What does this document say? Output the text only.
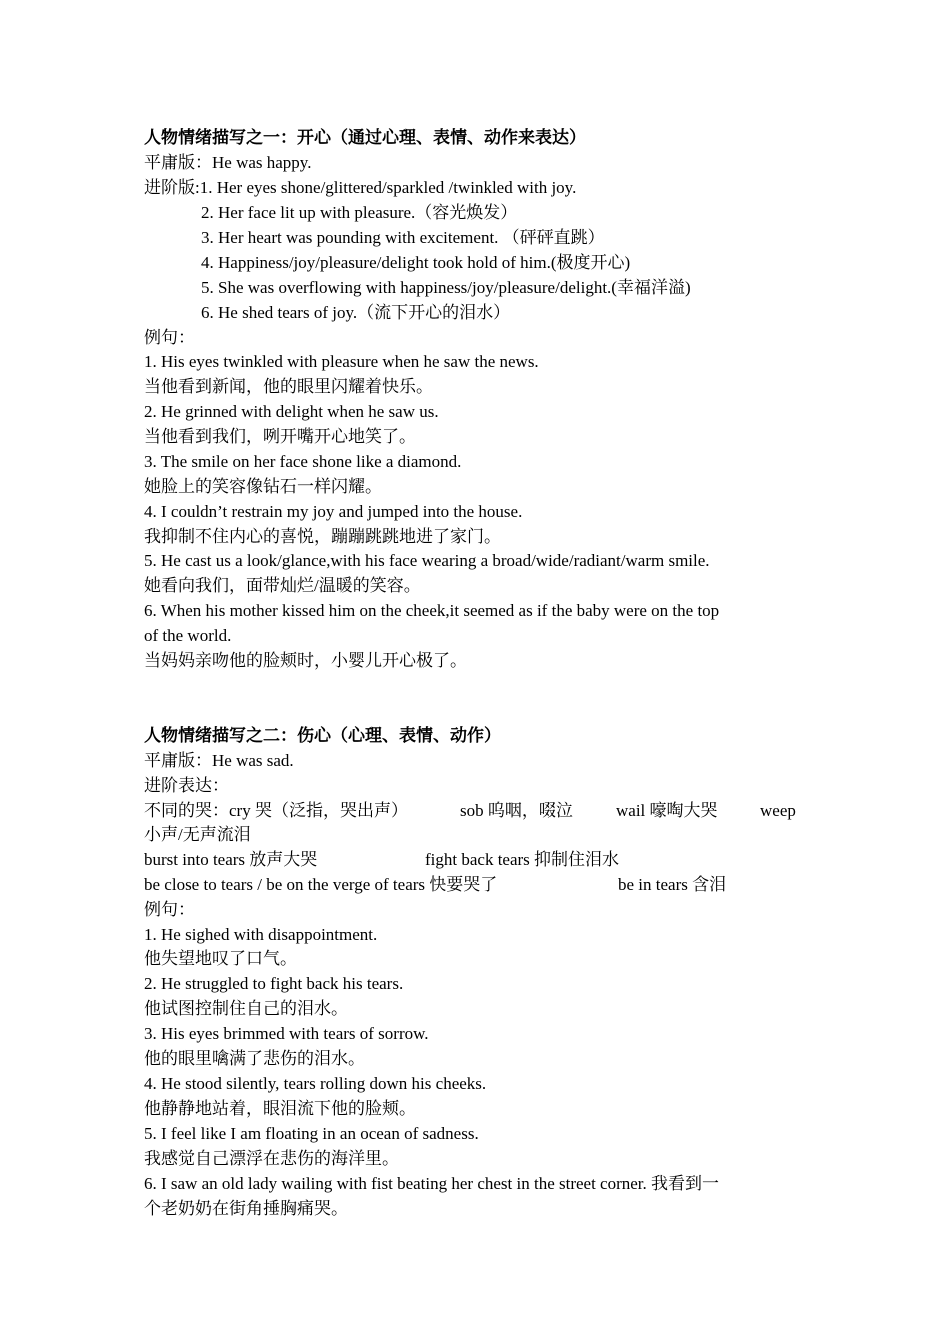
人物情绪描写之一：开心（通过心理、表情、动作来表达）
平庸版：He was happy.
进阶版:1. Her eyes shone/glittered/sparkled /twinkled with joy.
2. Her face lit up with pleasure.（容光焕发）
3. Her heart was pounding with excitement. （砰砰直跳）
4. Happiness/joy/pleasure/delight took hold of him.(极度开心)
5. She was overflowing with happiness/joy/pleasure/delight.(幸福洋溢)
6. He shed tears of joy.（流下开心的泪水）
例句：
1. His eyes twinkled with pleasure when he saw the news.
当他看到新闻，他的眼里闪耀着快乐。
2. He grinned with delight when he saw us.
当他看到我们，咧开嘴开心地笑了。
3. The smile on her face shone like a diamond.
她脸上的笑容像钻石一样闪耀。
4. I couldn’t restrain my joy and jumped into the house.
我抑制不住内心的喜悦，蹦蹦跳跳地进了家门。
5. He cast us a look/glance,with his face wearing a broad/wide/radiant/warm smile.
她看向我们，面带灿烂/温暖的笑容。
6. When his mother kissed him on the cheek,it seemed as if the baby were on the top
of the world.
当妈妈亲吻他的脸颊时，小婴儿开心极了。
人物情绪描写之二：伤心（心理、表情、动作）
平庸版：He was sad.
进阶表达：
不同的哭：cry 哭（泛指，哭出声）	sob 呜咽，啜泣	wail 嚎啕大哭 weep
小声/无声流泪
burst into tears 放声大哭	fight back tears 抑制住泪水
be close to tears / be on the verge of tears 快要哭了	be in tears 含泪
例句：
1. He sighed with disappointment.
他失望地叹了口气。
2. He struggled to fight back his tears.
他试图控制住自己的泪水。
3. His eyes brimmed with tears of sorrow.
他的眼里噙满了悲伤的泪水。
4. He stood silently, tears rolling down his cheeks.
他静静地站着，眼泪流下他的脸颊。
5. I feel like I am floating in an ocean of sadness.
我感觉自己漂浮在悲伤的海洋里。
6. I saw an old lady wailing with fist beating her chest in the street corner. 我看到一
个老奶奶在街角捶胸痛哭。
